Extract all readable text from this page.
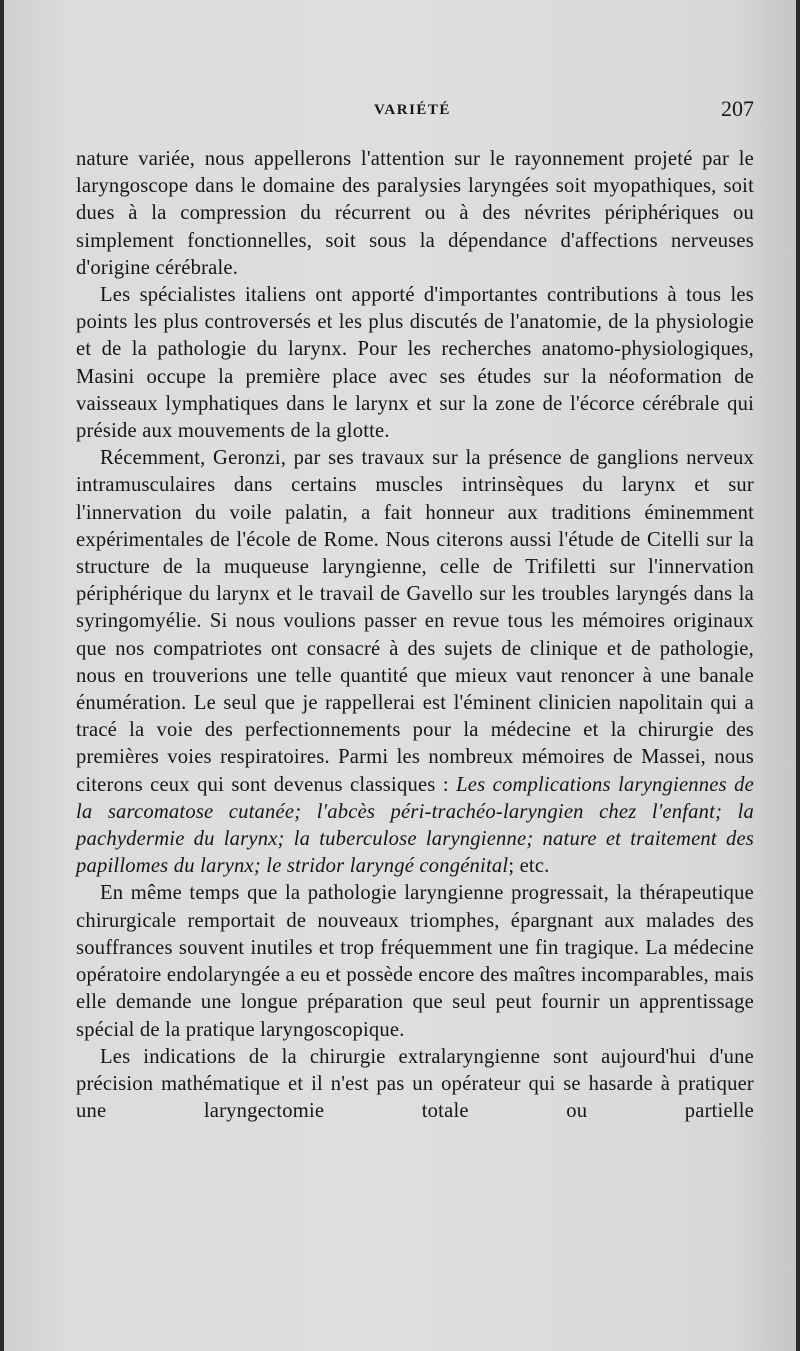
VARIÉTÉ	207

nature variée, nous appellerons l'attention sur le rayonnement projeté par le laryngoscope dans le domaine des paralysies laryngées soit myopathiques, soit dues à la compression du récurrent ou à des névrites périphériques ou simplement fonctionnelles, soit sous la dépendance d'affections nerveuses d'origine cérébrale.

Les spécialistes italiens ont apporté d'importantes contributions à tous les points les plus controversés et les plus discutés de l'anatomie, de la physiologie et de la pathologie du larynx. Pour les recherches anatomo-physiologiques, Masini occupe la première place avec ses études sur la néoformation de vaisseaux lymphatiques dans le larynx et sur la zone de l'écorce cérébrale qui préside aux mouvements de la glotte.

Récemment, Geronzi, par ses travaux sur la présence de ganglions nerveux intramusculaires dans certains muscles intrinsèques du larynx et sur l'innervation du voile palatin, a fait honneur aux traditions éminemment expérimentales de l'école de Rome. Nous citerons aussi l'étude de Citelli sur la structure de la muqueuse laryngienne, celle de Trifiletti sur l'innervation périphérique du larynx et le travail de Gavello sur les troubles laryngés dans la syringomyélie. Si nous voulions passer en revue tous les mémoires originaux que nos compatriotes ont consacré à des sujets de clinique et de pathologie, nous en trouverions une telle quantité que mieux vaut renoncer à une banale énumération. Le seul que je rappellerai est l'éminent clinicien napolitain qui a tracé la voie des perfectionnements pour la médecine et la chirurgie des premières voies respiratoires. Parmi les nombreux mémoires de Massei, nous citerons ceux qui sont devenus classiques : Les complications laryngiennes de la sarcomatose cutanée; l'abcès péri-trachéo-laryngien chez l'enfant; la pachydermie du larynx; la tuberculose laryngienne; nature et traitement des papillomes du larynx; le stridor laryngé congénital; etc.

En même temps que la pathologie laryngienne progressait, la thérapeutique chirurgicale remportait de nouveaux triomphes, épargnant aux malades des souffrances souvent inutiles et trop fréquemment une fin tragique. La médecine opératoire endolaryngée a eu et possède encore des maîtres incomparables, mais elle demande une longue préparation que seul peut fournir un apprentissage spécial de la pratique laryngoscopique.

Les indications de la chirurgie extralaryngienne sont aujourd'hui d'une précision mathématique et il n'est pas un opérateur qui se hasarde à pratiquer une laryngectomie totale ou partielle
